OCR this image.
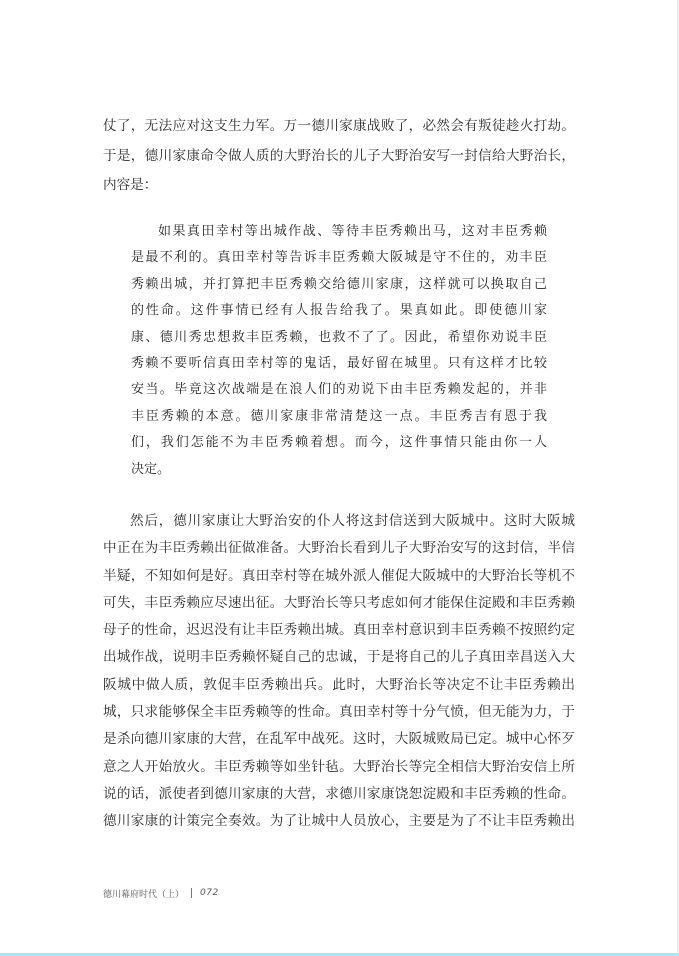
仗了，无法应对这支生力军。万一德川家康战败了，必然会有叛徒趁火打劫。
于是，德川家康命令做人质的大野治长的儿子大野治安写一封信给大野治长，
内容是：
如果真田幸村等出城作战、等待丰臣秀赖出马，这对丰臣秀赖
是最不利的。真田幸村等告诉丰臣秀赖大阪城是守不住的，劝丰臣
秀赖出城，并打算把丰臣秀赖交给德川家康，这样就可以换取自己
的性命。这件事情已经有人报告给我了。果真如此。即使德川家
康、德川秀忠想救丰臣秀赖，也救不了了。因此，希望你劝说丰臣
秀赖不要听信真田幸村等的鬼话，最好留在城里。只有这样才比较
安当。毕竟这次战端是在浪人们的劝说下由丰臣秀赖发起的，并非
丰臣秀赖的本意。德川家康非常清楚这一点。丰臣秀吉有恩于我
们，我们怎能不为丰臣秀赖着想。而今，这件事情只能由你一人
决定。
然后，德川家康让大野治安的仆人将这封信送到大阪城中。这时大阪城
中正在为丰臣秀赖出征做准备。大野治长看到儿子大野治安写的这封信，半信
半疑，不知如何是好。真田幸村等在城外派人催促大阪城中的大野治长等机不
可失，丰臣秀赖应尽速出征。大野治长等只考虑如何才能保住淀殿和丰臣秀赖
母子的性命，迟迟没有让丰臣秀赖出城。真田幸村意识到丰臣秀赖不按照约定
出城作战，说明丰臣秀赖怀疑自己的忠诚，于是将自己的儿子真田幸昌送入大
阪城中做人质，敦促丰臣秀赖出兵。此时，大野治长等决定不让丰臣秀赖出
城，只求能够保全丰臣秀赖等的性命。真田幸村等十分气愤，但无能为力，于
是杀向德川家康的大营，在乱军中战死。这时，大阪城败局已定。城中心怀歹
意之人开始放火。丰臣秀赖等如坐针毡。大野治长等完全相信大野治安信上所
说的话，派使者到德川家康的大营，求德川家康饶恕淀殿和丰臣秀赖的性命。
德川家康的计策完全奏效。为了让城中人员放心，主要是为了不让丰臣秀赖出
德川幕府时代（上） 072
